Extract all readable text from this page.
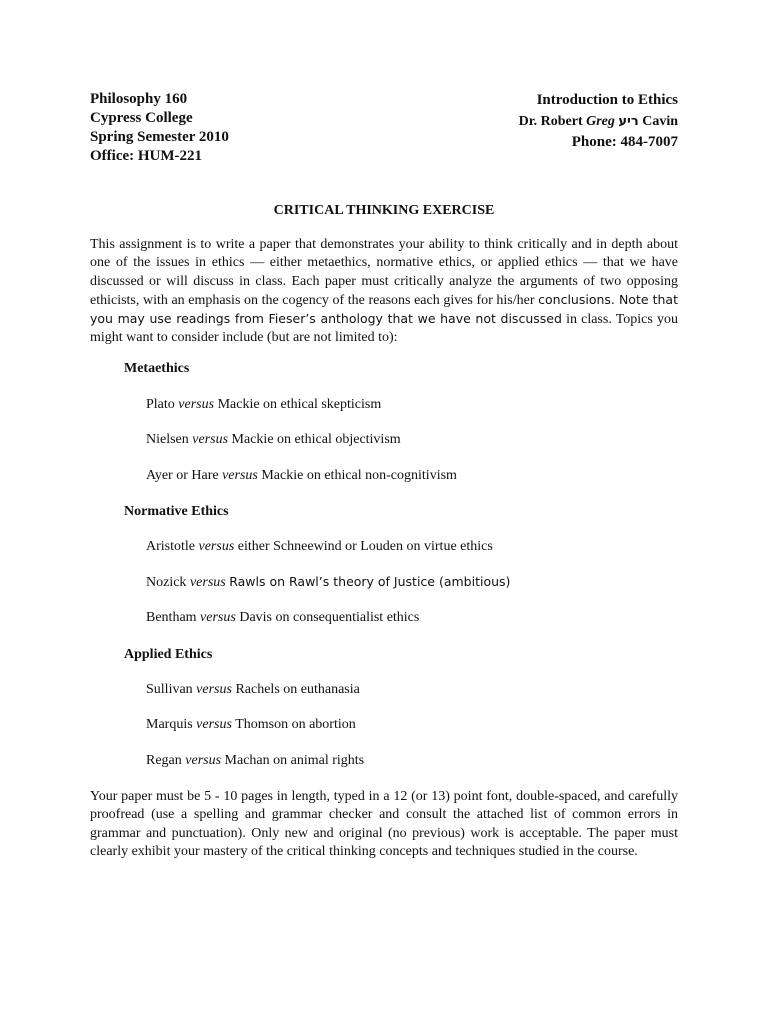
Philosophy 160
Cypress College
Spring Semester 2010
Office: HUM-221
Introduction to Ethics
Dr. Robert Greg ריע Cavin
Phone: 484-7007
CRITICAL THINKING EXERCISE
This assignment is to write a paper that demonstrates your ability to think critically and in depth about one of the issues in ethics — either metaethics, normative ethics, or applied ethics — that we have discussed or will discuss in class. Each paper must critically analyze the arguments of two opposing ethicists, with an emphasis on the cogency of the reasons each gives for his/her conclusions. Note that you may use readings from Fieser’s anthology that we have not discussed in class. Topics you might want to consider include (but are not limited to):
Metaethics
Plato versus Mackie on ethical skepticism
Nielsen versus Mackie on ethical objectivism
Ayer or Hare versus Mackie on ethical non-cognitivism
Normative Ethics
Aristotle versus either Schneewind or Louden on virtue ethics
Nozick versus Rawls on Rawl’s theory of Justice (ambitious)
Bentham versus Davis on consequentialist ethics
Applied Ethics
Sullivan versus Rachels on euthanasia
Marquis versus Thomson on abortion
Regan versus Machan on animal rights
Your paper must be 5 - 10 pages in length, typed in a 12 (or 13) point font, double-spaced, and carefully proofread (use a spelling and grammar checker and consult the attached list of common errors in grammar and punctuation). Only new and original (no previous) work is acceptable. The paper must clearly exhibit your mastery of the critical thinking concepts and techniques studied in the course.
